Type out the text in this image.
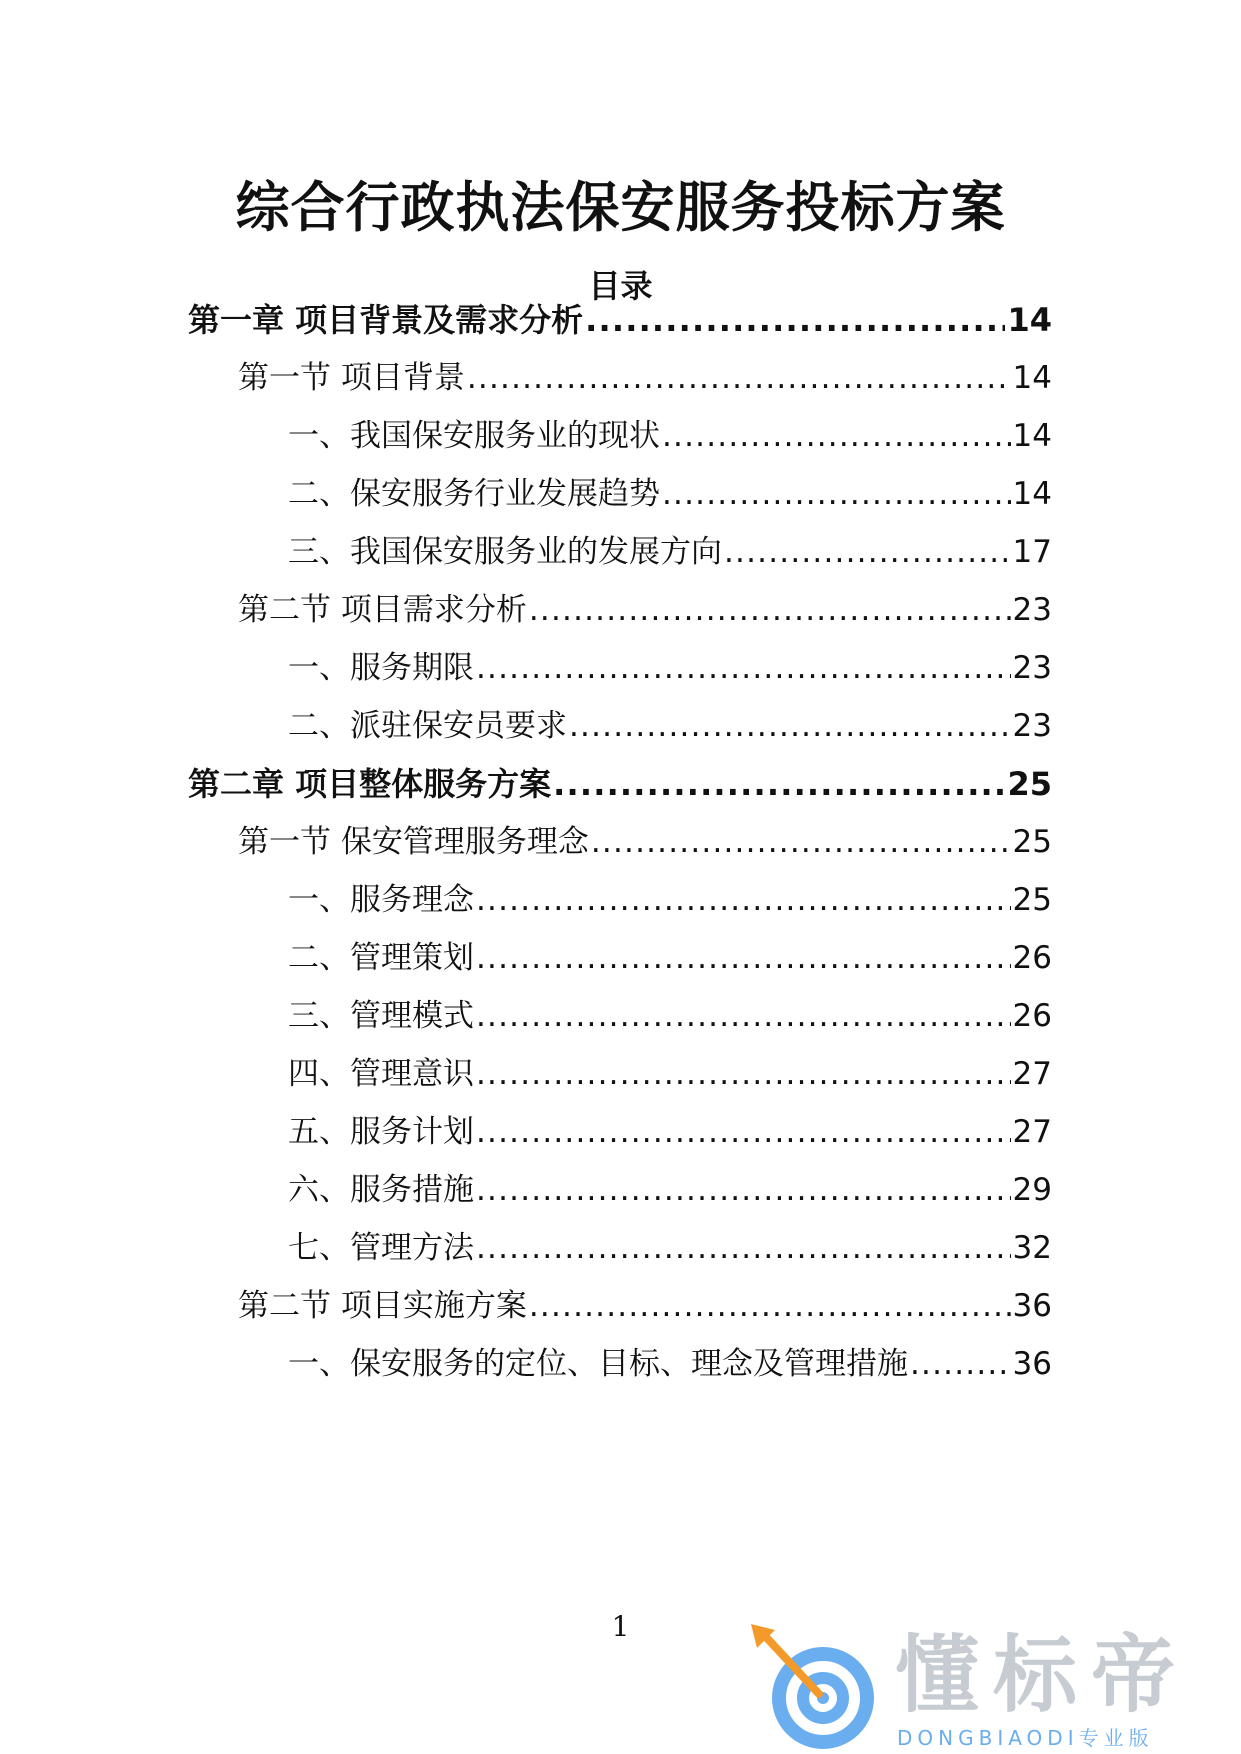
综合行政执法保安服务投标方案
目录
第一章 项目背景及需求分析 .....	14
第一节 项目背景 .....	14
一、我国保安服务业的现状 .....	14
二、保安服务行业发展趋势 .....	14
三、我国保安服务业的发展方向 .....	17
第二节 项目需求分析 .....	23
一、服务期限 .....	23
二、派驻保安员要求 .....	23
第二章 项目整体服务方案 .....	25
第一节 保安管理服务理念 .....	25
一、服务理念 .....	25
二、管理策划 .....	26
三、管理模式 .....	26
四、管理意识 .....	27
五、服务计划 .....	27
六、服务措施 .....	29
七、管理方法 .....	32
第二节 项目实施方案 .....	36
一、保安服务的定位、目标、理念及管理措施 .....	36
1	懂标帝
DONGBIAODI专业版
